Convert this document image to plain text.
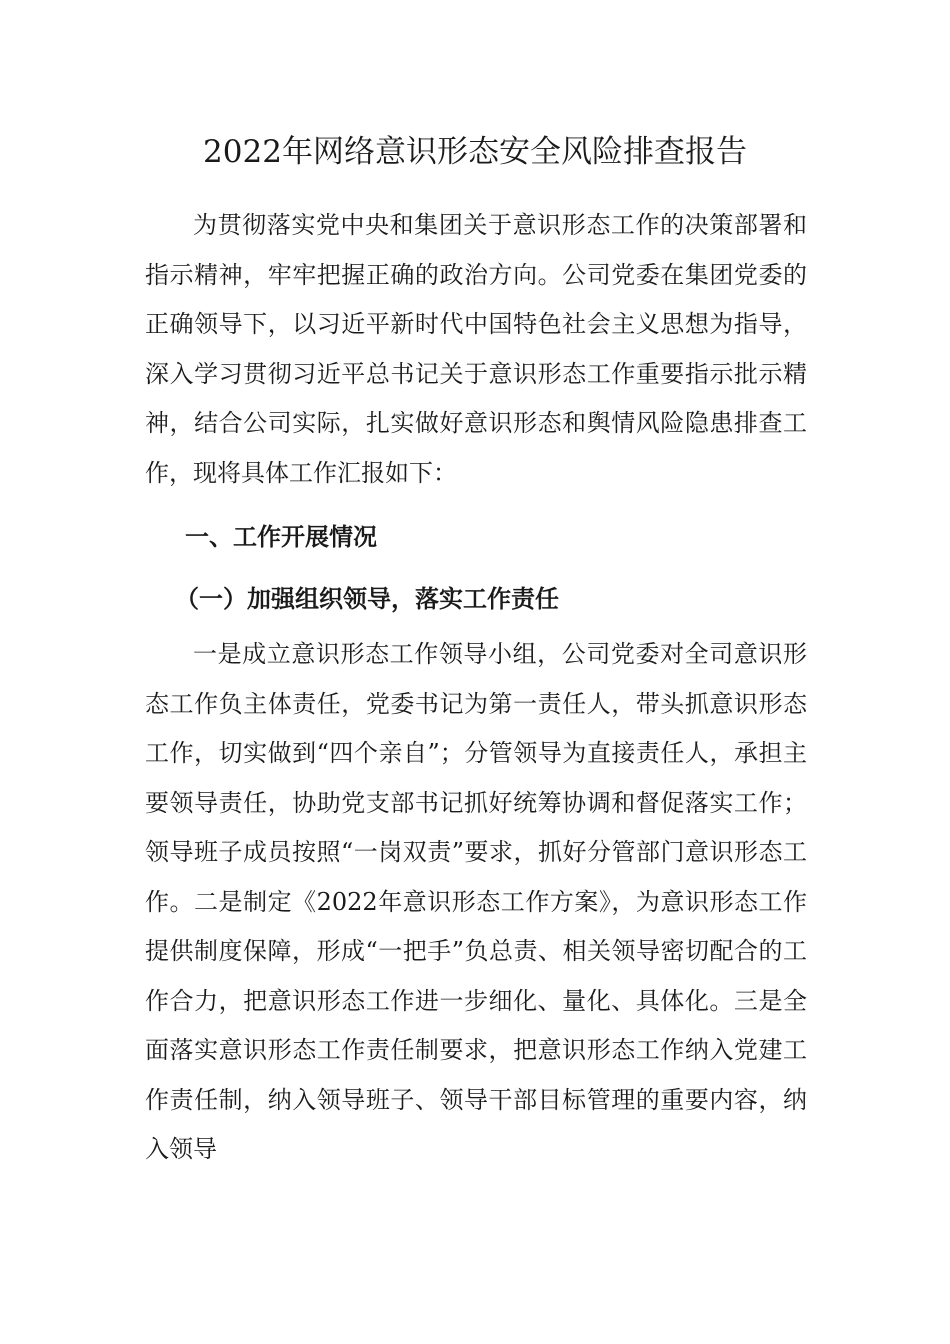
2022年网络意识形态安全风险排查报告

为贯彻落实党中央和集团关于意识形态工作的决策部署和指示精神，牢牢把握正确的政治方向。公司党委在集团党委的正确领导下，以习近平新时代中国特色社会主义思想为指导，深入学习贯彻习近平总书记关于意识形态工作重要指示批示精神，结合公司实际，扎实做好意识形态和舆情风险隐患排查工作，现将具体工作汇报如下：

一、工作开展情况

（一）加强组织领导，落实工作责任

一是成立意识形态工作领导小组，公司党委对全司意识形态工作负主体责任，党委书记为第一责任人，带头抓意识形态工作，切实做到“四个亲自”；分管领导为直接责任人，承担主要领导责任，协助党支部书记抓好统筹协调和督促落实工作；领导班子成员按照“一岗双责”要求，抓好分管部门意识形态工作。二是制定《2022年意识形态工作方案》，为意识形态工作提供制度保障，形成“一把手”负总责、相关领导密切配合的工作合力，把意识形态工作进一步细化、量化、具体化。三是全面落实意识形态工作责任制要求，把意识形态工作纳入党建工作责任制，纳入领导班子、领导干部目标管理的重要内容，纳入领导
